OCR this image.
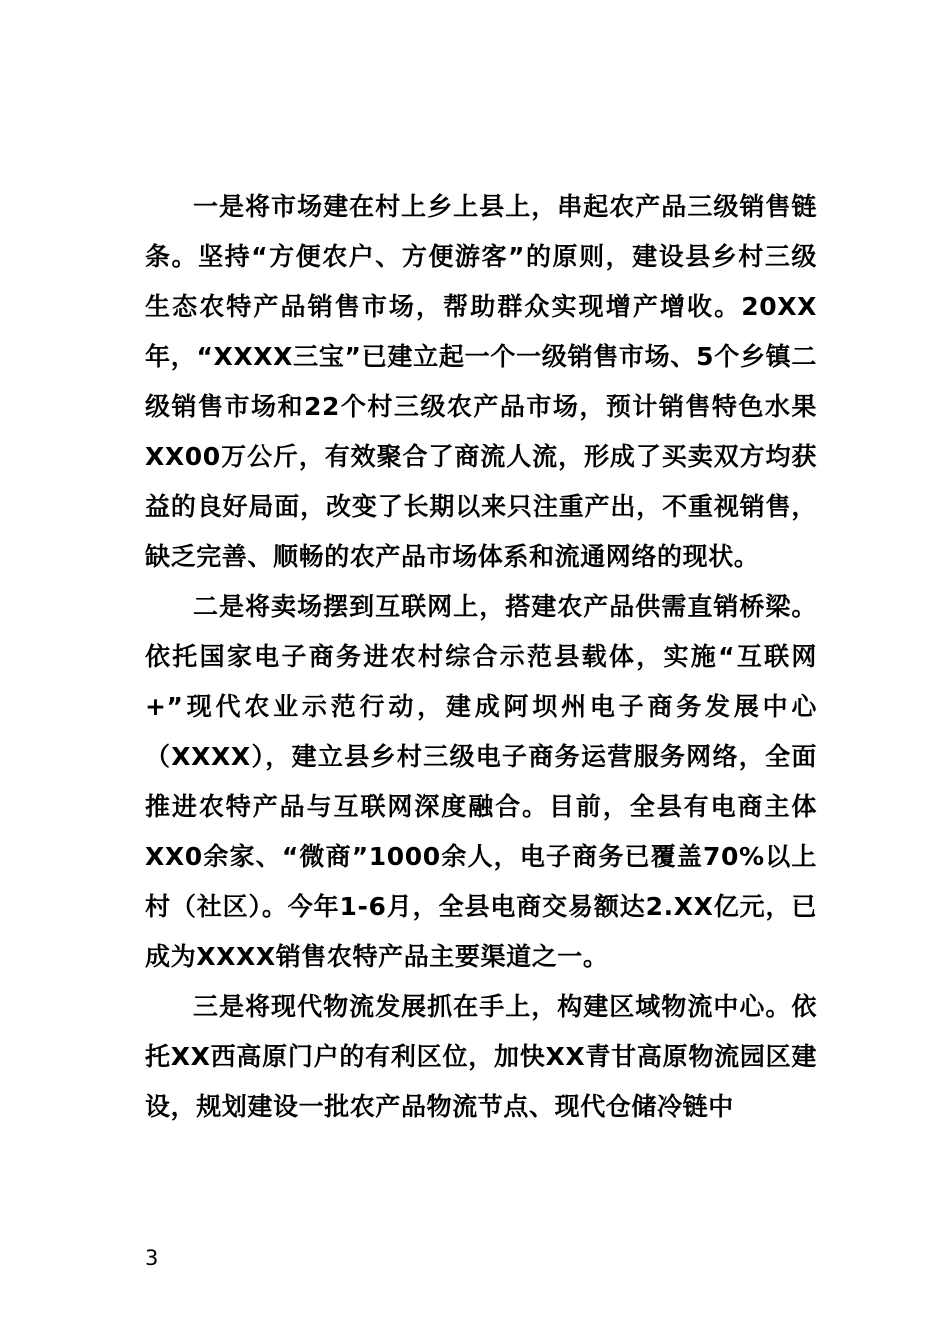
一是将市场建在村上乡上县上，串起农产品三级销售链条。坚持“方便农户、方便游客”的原则，建设县乡村三级生态农特产品销售市场，帮助群众实现增产增收。20XX年，“XXXX三宝”已建立起一个一级销售市场、5个乡镇二级销售市场和22个村三级农产品市场，预计销售特色水果XX00万公斤，有效聚合了商流人流，形成了买卖双方均获益的良好局面，改变了长期以来只注重产出，不重视销售，缺乏完善、顺畅的农产品市场体系和流通网络的现状。

二是将卖场摆到互联网上，搭建农产品供需直销桥梁。依托国家电子商务进农村综合示范县载体，实施“互联网+”现代农业示范行动，建成阿坝州电子商务发展中心（XXXX），建立县乡村三级电子商务运营服务网络，全面推进农特产品与互联网深度融合。目前，全县有电商主体XX0余家、“微商”1000余人，电子商务已覆盖70%以上村（社区）。今年1-6月，全县电商交易额达2.XX亿元，已成为XXXX销售农特产品主要渠道之一。

三是将现代物流发展抓在手上，构建区域物流中心。依托XX西高原门户的有利区位，加快XX青甘高原物流园区建设，规划建设一批农产品物流节点、现代仓储冷链中

3
